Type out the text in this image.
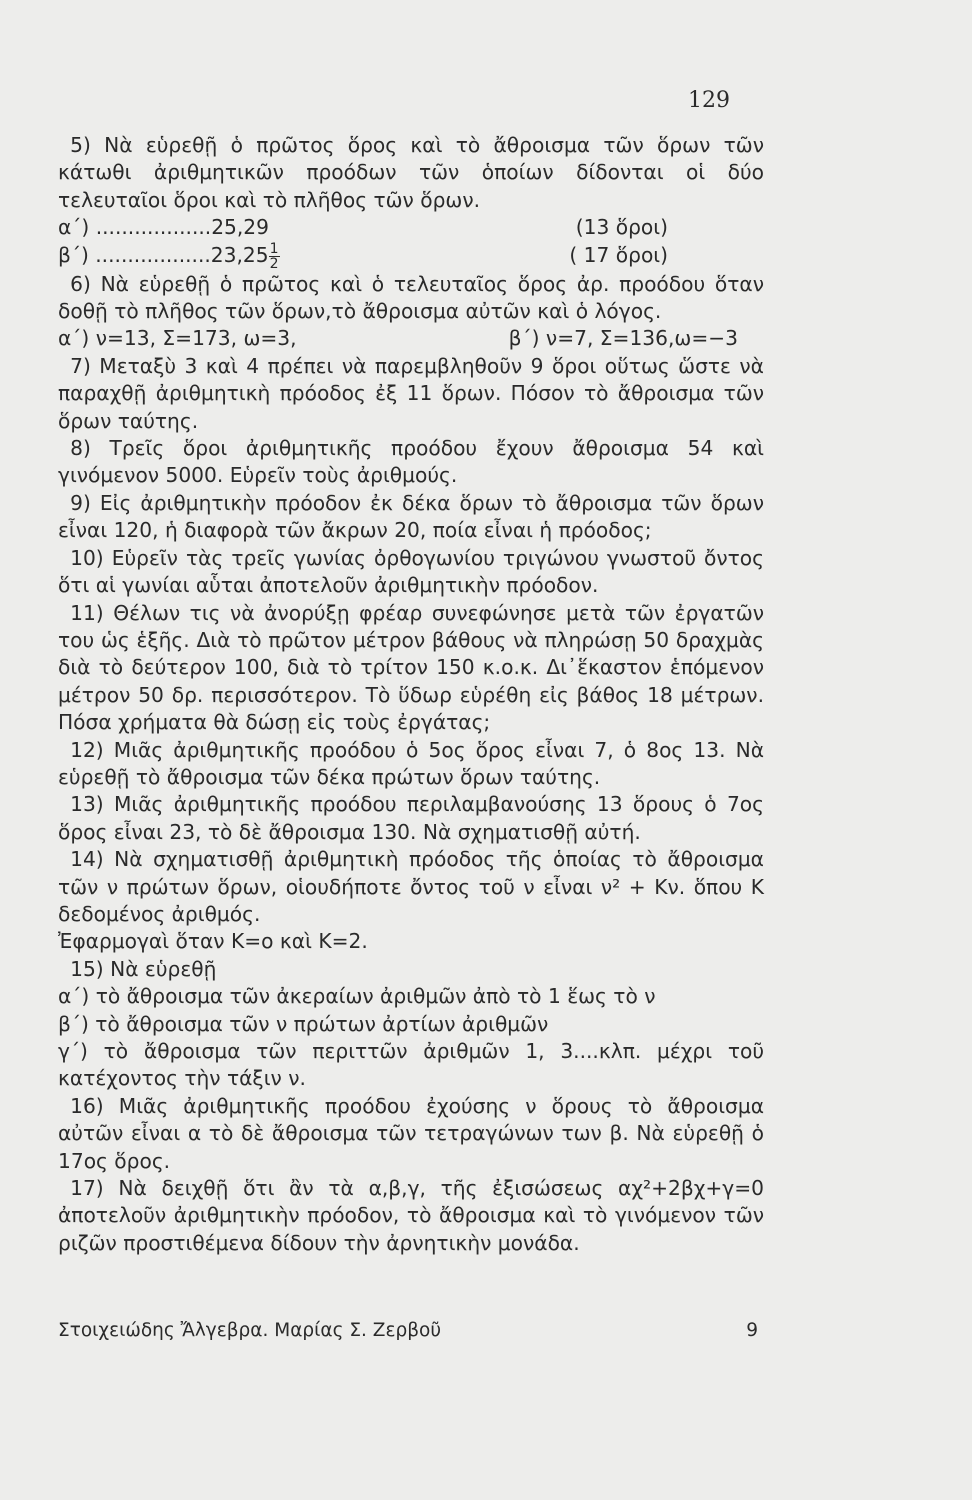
129

5) Νὰ εὑρεθῇ ὁ πρῶτος ὅρος καὶ τὸ ἄθροισμα τῶν ὅρων τῶν κάτωθι ἀριθμητικῶν προόδων τῶν ὁποίων δίδονται οἱ δύο τελευταῖοι ὅροι καὶ τὸ πλῆθος τῶν ὅρων.

α΄) ..................25,29	(13 ὅροι)
β΄) $..................23,25 \frac{1}{2}$	( 17 ὅροι)

6) Νὰ εὑρεθῇ ὁ πρῶτος καὶ ὁ τελευταῖος ὅρος ἀρ. προόδου ὅταν δοθῇ τὸ πλῆθος τῶν ὅρων,τὸ ἄθροισμα αὐτῶν καὶ ὁ λόγος.

α΄) ν=13, Σ=173, ω=3,	β΄) ν=7, Σ=136,ω=−3

7) Μεταξὺ 3 καὶ 4 πρέπει νὰ παρεμβληθοῦν 9 ὅροι οὕτως ὥστε νὰ παραχθῇ ἀριθμητικὴ πρόοδος ἐξ 11 ὅρων. Πόσον τὸ ἄθροισμα τῶν ὅρων ταύτης.

8) Τρεῖς ὅροι ἀριθμητικῆς προόδου ἔχουν ἄθροισμα 54 καὶ γινόμενον 5000. Εὑρεῖν τοὺς ἀριθμούς.

9) Εἰς ἀριθμητικὴν πρόοδον ἐκ δέκα ὅρων τὸ ἄθροισμα τῶν ὅρων εἶναι 120, ἡ διαφορὰ τῶν ἄκρων 20, ποία εἶναι ἡ πρόοδος;

10) Εὑρεῖν τὰς τρεῖς γωνίας ὀρθογωνίου τριγώνου γνωστοῦ ὄντος ὅτι αἱ γωνίαι αὗται ἀποτελοῦν ἀριθμητικὴν πρόοδον.

11) Θέλων τις νὰ ἀνορύξῃ φρέαρ συνεφώνησε μετὰ τῶν ἐργατῶν του ὡς ἑξῆς. Διὰ τὸ πρῶτον μέτρον βάθους νὰ πληρώσῃ 50 δραχμὰς διὰ τὸ δεύτερον 100, διὰ τὸ τρίτον 150 κ.ο.κ. Δι᾽ἕκαστον ἑπόμενον μέτρον 50 δρ. περισσότερον. Τὸ ὕδωρ εὑρέθη εἰς βάθος 18 μέτρων. Πόσα χρήματα θὰ δώσῃ εἰς τοὺς ἐργάτας;

12) Μιᾶς ἀριθμητικῆς προόδου ὁ 5ος ὅρος εἶναι 7, ὁ 8ος 13. Νὰ εὑρεθῇ τὸ ἄθροισμα τῶν δέκα πρώτων ὅρων ταύτης.

13) Μιᾶς ἀριθμητικῆς προόδου περιλαμβανούσης 13 ὅρους ὁ 7ος ὅρος εἶναι 23, τὸ δὲ ἄθροισμα 130. Νὰ σχηματισθῇ αὐτή.

14) Νὰ σχηματισθῇ ἀριθμητικὴ πρόοδος τῆς ὁποίας τὸ ἄθροισμα τῶν ν πρώτων ὅρων, οἱουδήποτε ὄντος τοῦ ν εἶναι ν² + Κν. ὅπου Κ δεδομένος ἀριθμός.

Ἐφαρμογαὶ ὅταν Κ=ο καὶ Κ=2.

15) Νὰ εὑρεθῇ

α΄) τὸ ἄθροισμα τῶν ἀκεραίων ἀριθμῶν ἀπὸ τὸ 1 ἕως τὸ ν

β΄) τὸ ἄθροισμα τῶν ν πρώτων ἀρτίων ἀριθμῶν

γ΄) τὸ ἄθροισμα τῶν περιττῶν ἀριθμῶν 1, 3....κλπ. μέχρι τοῦ κατέχοντος τὴν τάξιν ν.

16) Μιᾶς ἀριθμητικῆς προόδου ἐχούσης ν ὅρους τὸ ἄθροισμα αὐτῶν εἶναι α τὸ δὲ ἄθροισμα τῶν τετραγώνων των β. Νὰ εὑρεθῇ ὁ 17ος ὅρος.

17) Νὰ δειχθῇ ὅτι ἂν τὰ α,β,γ, τῆς ἐξισώσεως αχ²+2βχ+γ=0 ἀποτελοῦν ἀριθμητικὴν πρόοδον, τὸ ἄθροισμα καὶ τὸ γινόμενον τῶν ριζῶν προστιθέμενα δίδουν τὴν ἀρνητικὴν μονάδα.

Στοιχειώδης Ἄλγεβρα. Μαρίας Σ. Ζερβοῦ	9
